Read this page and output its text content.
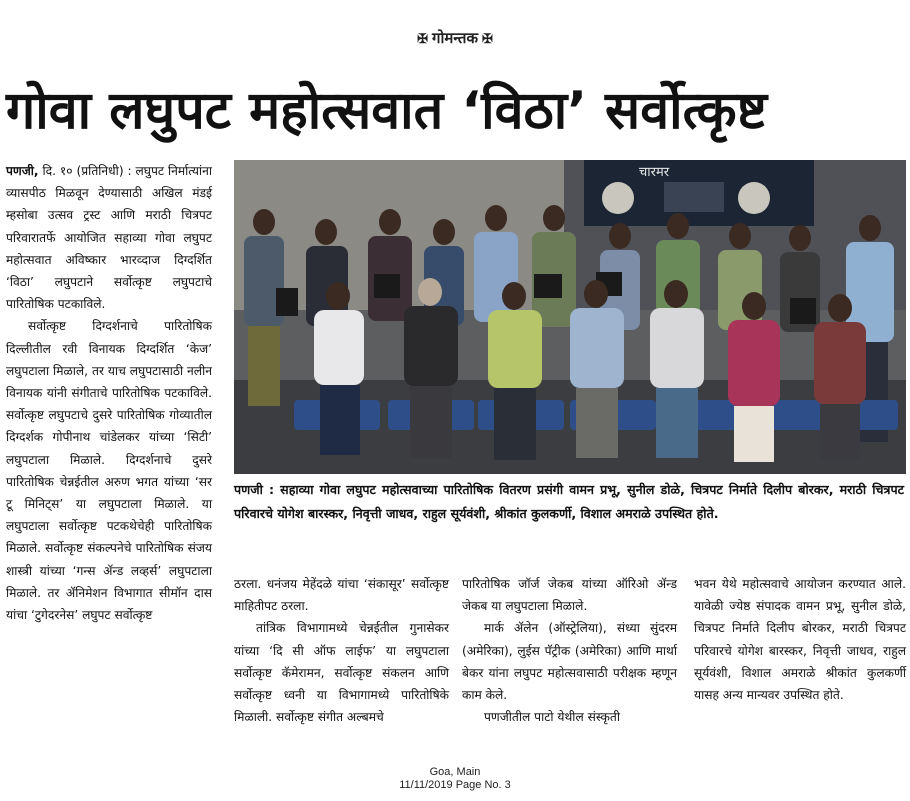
✠ गोमन्तक ✠
गोवा लघुपट महोत्सवात ‘विठा’ सर्वोत्कृष्ट

पणजी, दि. १० (प्रतिनिधी) : लघुपट निर्मात्यांना व्यासपीठ मिळवून देण्यासाठी अखिल मंडई म्हसोबा उत्सव ट्रस्ट आणि मराठी चित्रपट परिवारातर्फे आयोजित सहाव्या गोवा लघुपट महोत्सवात अविष्कार भारव्दाज दिग्दर्शित ‘विठा’ लघुपटाने सर्वोत्कृष्ट लघुपटाचे पारितोषिक पटकाविले.

सर्वोत्कृष्ट दिग्दर्शनाचे पारितोषिक दिल्लीतील रवी विनायक दिग्दर्शित ‘केज’ लघुपटाला मिळाले, तर याच लघुपटासाठी नलीन विनायक यांनी संगीताचे पारितोषिक पटकाविले. सर्वोत्कृष्ट लघुपटाचे दुसरे पारितोषिक गोव्यातील दिग्दर्शक गोपीनाथ चांडेलकर यांच्या ‘सिटी’ लघुपटाला मिळाले. दिग्दर्शनाचे दुसरे पारितोषिक चेन्नईतील अरुण भगत यांच्या ‘सर टू मिनिट्स’ या लघुपटाला मिळाले. या लघुपटाला सर्वोत्कृष्ट पटकथेचेही पारितोषिक मिळाले. सर्वोत्कृष्ट संकल्पनेचे पारितोषिक संजय शास्त्री यांच्या ‘गन्स ॲन्ड लव्हर्स’ लघुपटाला मिळाले. तर ॲनिमेशन विभागात सीमॉन दास यांचा ‘टुगेदरनेस’ लघुपट सर्वोत्कृष्ट

चारमर
पणजी : सहाव्या गोवा लघुपट महोत्सवाच्या पारितोषिक वितरण प्रसंगी वामन प्रभू, सुनील डोळे, चित्रपट निर्माते दिलीप बोरकर, मराठी चित्रपट परिवारचे योगेश बारस्कर, निवृत्ती जाधव, राहुल सूर्यवंशी, श्रीकांत कुलकर्णी, विशाल अमराळे उपस्थित होते.

ठरला. धनंजय मेहेंदळे यांचा ‘संकासूर’ सर्वोत्कृष्ट माहितीपट ठरला.

तांत्रिक विभागामध्ये चेन्नईतील गुनासेकर यांच्या ‘दि सी ऑफ लाईफ’ या लघुपटाला सर्वोत्कृष्ट कॅमेरामन, सर्वोत्कृष्ट संकलन आणि सर्वोत्कृष्ट ध्वनी या विभागामध्ये पारितोषिके मिळाली. सर्वोत्कृष्ट संगीत अल्बमचे

पारितोषिक जॉर्ज जेकब यांच्या ऑरिओ ॲन्ड जेकब या लघुपटाला मिळाले.

मार्क ॲलेन (ऑस्ट्रेलिया), संध्या सुंदरम (अमेरिका), लुईस पॅट्रीक (अमेरिका) आणि मार्था बेकर यांना लघुपट महोत्सवासाठी परीक्षक म्हणून काम केले.

पणजीतील पाटो येथील संस्कृती

भवन येथे महोत्सवाचे आयोजन करण्यात आले. यावेळी ज्येष्ठ संपादक वामन प्रभू, सुनील डोळे, चित्रपट निर्माते दिलीप बोरकर, मराठी चित्रपट परिवारचे योगेश बारस्कर, निवृत्ती जाधव, राहुल सूर्यवंशी, विशाल अमराळे श्रीकांत कुलकर्णी यासह अन्य मान्यवर उपस्थित होते.

Goa, Main
11/11/2019 Page No. 3
